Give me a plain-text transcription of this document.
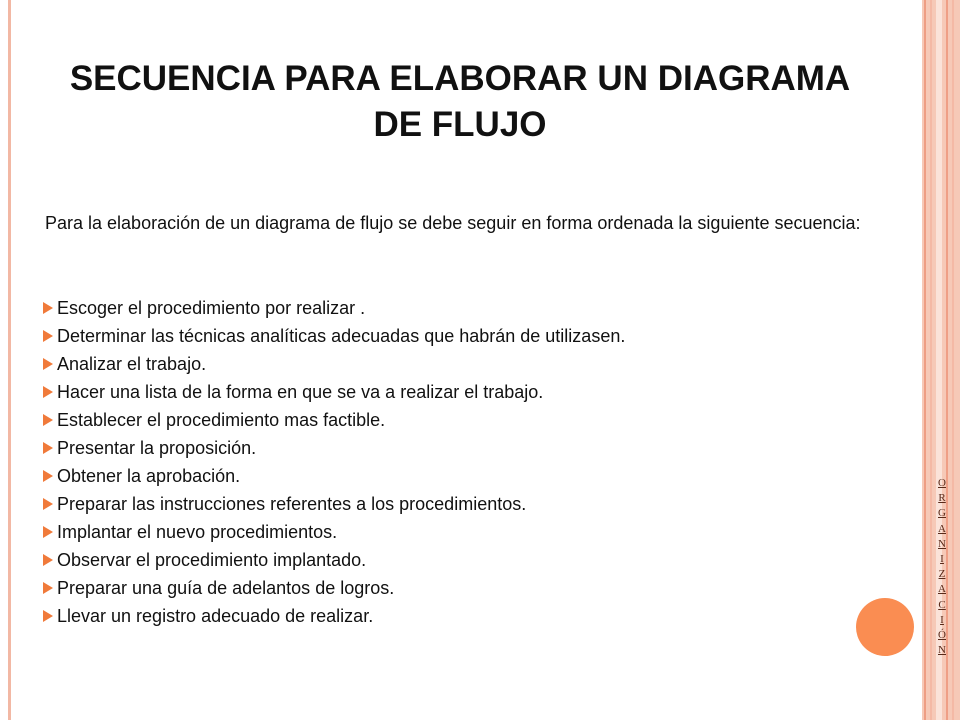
O
R
G
A
N
I
Z
A
C
I
Ó
N
SECUENCIA PARA ELABORAR UN DIAGRAMA DE FLUJO

Para la elaboración de un diagrama de flujo se debe seguir en forma ordenada la siguiente secuencia:

Escoger el procedimiento por realizar .
Determinar las técnicas analíticas adecuadas que habrán de utilizasen.
Analizar el trabajo.
Hacer una lista de la forma en que se va a realizar el trabajo.
Establecer el procedimiento mas factible.
Presentar la proposición.
Obtener la aprobación.
Preparar las instrucciones referentes a los procedimientos.
Implantar el nuevo procedimientos.
Observar el procedimiento implantado.
Preparar una guía de adelantos de logros.
Llevar un registro adecuado de realizar.
